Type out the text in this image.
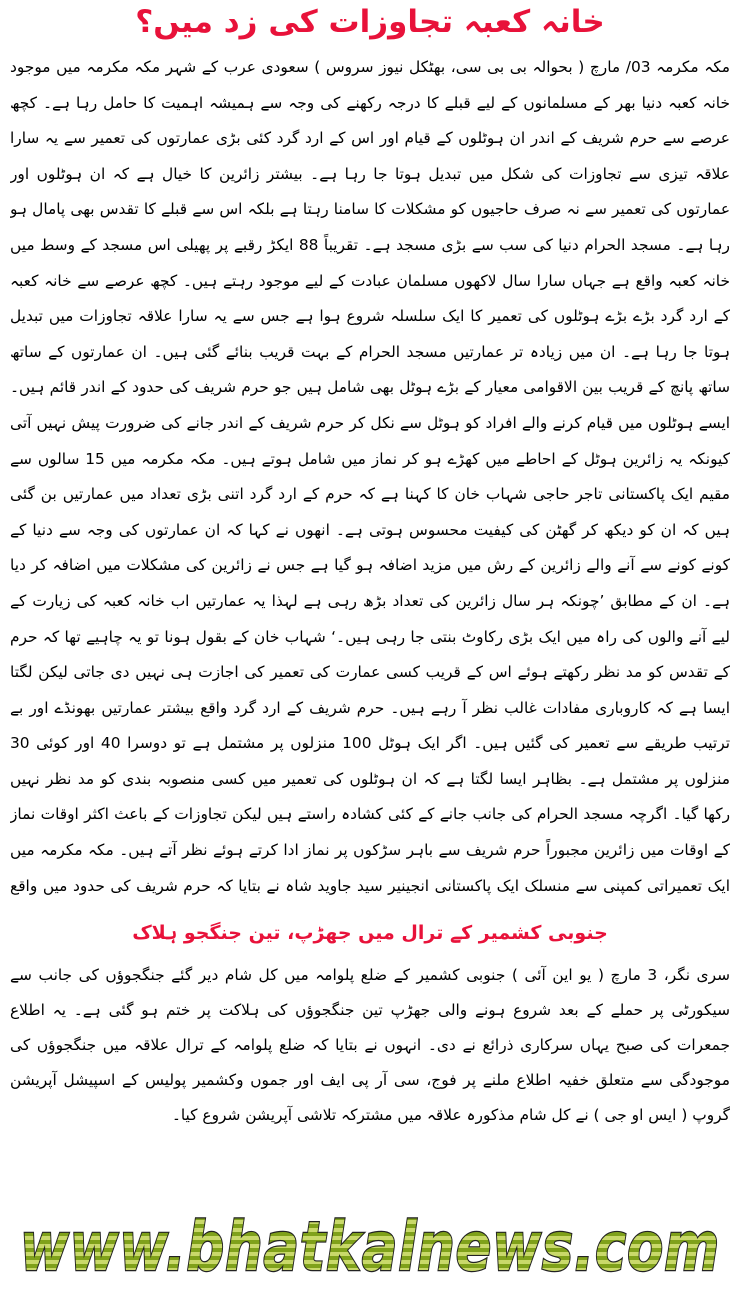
خانہ کعبہ تجاوزات کی زد میں؟

مکہ مکرمہ 03/ مارچ ( بحوالہ بی بی سی، بھٹکل نیوز سروس ) سعودی عرب کے شہر مکہ مکرمہ میں موجود خانہ کعبہ دنیا بھر کے مسلمانوں کے لیے قبلے کا درجہ رکھنے کی وجہ سے ہمیشہ اہمیت کا حامل رہا ہے۔ کچھ عرصے سے حرم شریف کے اندر ان ہوٹلوں کے قیام اور اس کے ارد گرد کئی بڑی عمارتوں کی تعمیر سے یہ سارا علاقہ تیزی سے تجاوزات کی شکل میں تبدیل ہوتا جا رہا ہے۔ بیشتر زائرین کا خیال ہے کہ ان ہوٹلوں اور عمارتوں کی تعمیر سے نہ صرف حاجیوں کو مشکلات کا سامنا رہتا ہے بلکہ اس سے قبلے کا تقدس بھی پامال ہو رہا ہے۔ مسجد الحرام دنیا کی سب سے بڑی مسجد ہے۔ تقریباً 88 ایکڑ رقبے پر پھیلی اس مسجد کے وسط میں خانہ کعبہ واقع ہے جہاں سارا سال لاکھوں مسلمان عبادت کے لیے موجود رہتے ہیں۔ کچھ عرصے سے خانہ کعبہ کے ارد گرد بڑے بڑے ہوٹلوں کی تعمیر کا ایک سلسلہ شروع ہوا ہے جس سے یہ سارا علاقہ تجاوزات میں تبدیل ہوتا جا رہا ہے۔ ان میں زیادہ تر عمارتیں مسجد الحرام کے بہت قریب بنائے گئی ہیں۔ ان عمارتوں کے ساتھ ساتھ پانچ کے قریب بین الاقوامی معیار کے بڑے ہوٹل بھی شامل ہیں جو حرم شریف کی حدود کے اندر قائم ہیں۔ ایسے ہوٹلوں میں قیام کرنے والے افراد کو ہوٹل سے نکل کر حرم شریف کے اندر جانے کی ضرورت پیش نہیں آتی کیونکہ یہ زائرین ہوٹل کے احاطے میں کھڑے ہو کر نماز میں شامل ہوتے ہیں۔ مکہ مکرمہ میں 15 سالوں سے مقیم ایک پاکستانی تاجر حاجی شہاب خان کا کہنا ہے کہ حرم کے ارد گرد اتنی بڑی تعداد میں عمارتیں بن گئی ہیں کہ ان کو دیکھ کر گھٹن کی کیفیت محسوس ہوتی ہے۔ انھوں نے کہا کہ ان عمارتوں کی وجہ سے دنیا کے کونے کونے سے آنے والے زائرین کے رش میں مزید اضافہ ہو گیا ہے جس نے زائرین کی مشکلات میں اضافہ کر دیا ہے۔ ان کے مطابق ’چونکہ ہر سال زائرین کی تعداد بڑھ رہی ہے لہذا یہ عمارتیں اب خانہ کعبہ کی زیارت کے لیے آنے والوں کی راہ میں ایک بڑی رکاوٹ بنتی جا رہی ہیں۔‘ شہاب خان کے بقول ہونا تو یہ چاہیے تھا کہ حرم کے تقدس کو مد نظر رکھتے ہوئے اس کے قریب کسی عمارت کی تعمیر کی اجازت ہی نہیں دی جاتی لیکن لگتا ایسا ہے کہ کاروباری مفادات غالب نظر آ رہے ہیں۔ حرم شریف کے ارد گرد واقع بیشتر عمارتیں بھونڈے اور بے ترتیب طریقے سے تعمیر کی گئیں ہیں۔ اگر ایک ہوٹل 100 منزلوں پر مشتمل ہے تو دوسرا 40 اور کوئی 30 منزلوں پر مشتمل ہے۔ بظاہر ایسا لگتا ہے کہ ان ہوٹلوں کی تعمیر میں کسی منصوبہ بندی کو مد نظر نہیں رکھا گیا۔ اگرچہ مسجد الحرام کی جانب جانے کے کئی کشادہ راستے ہیں لیکن تجاوزات کے باعث اکثر اوقات نماز کے اوقات میں زائرین مجبوراً حرم شریف سے باہر سڑکوں پر نماز ادا کرتے ہوئے نظر آتے ہیں۔ مکہ مکرمہ میں ایک تعمیراتی کمپنی سے منسلک ایک پاکستانی انجینیر سید جاوید شاہ نے بتایا کہ حرم شریف کی حدود میں واقع

جنوبی کشمیر کے ترال میں جھڑپ، تین جنگجو ہلاک

سری نگر، 3 مارچ ( یو این آئی ) جنوبی کشمیر کے ضلع پلوامہ میں کل شام دیر گئے جنگجوؤں کی جانب سے سیکورٹی پر حملے کے بعد شروع ہونے والی جھڑپ تین جنگجوؤں کی ہلاکت پر ختم ہو گئی ہے۔ یہ اطلاع جمعرات کی صبح یہاں سرکاری ذرائع نے دی۔ انہوں نے بتایا کہ ضلع پلوامہ کے ترال علاقہ میں جنگجوؤں کی موجودگی سے متعلق خفیہ اطلاع ملنے پر فوج، سی آر پی ایف اور جموں وکشمیر پولیس کے اسپیشل آپریشن گروپ ( ایس او جی ) نے کل شام مذکورہ علاقہ میں مشترکہ تلاشی آپریشن شروع کیا۔

www.bhatkalnews.com
